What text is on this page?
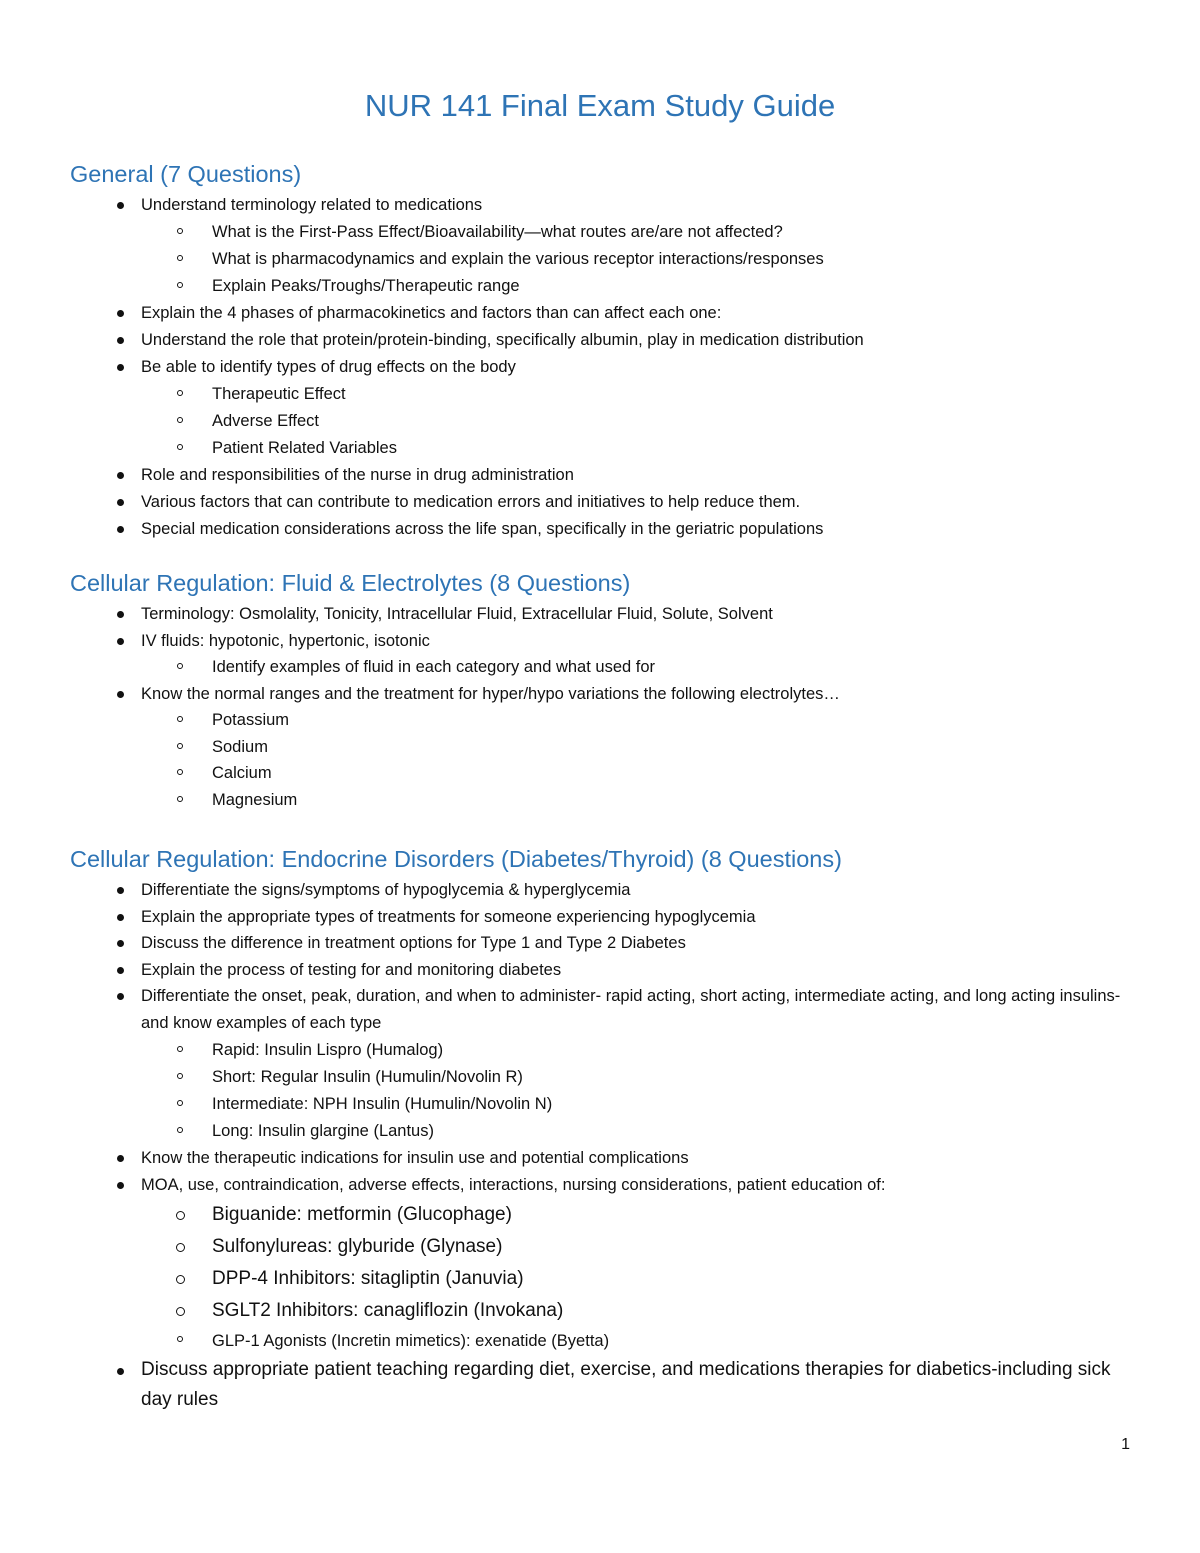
NUR 141 Final Exam Study Guide
General (7 Questions)
Understand terminology related to medications
What is the First-Pass Effect/Bioavailability—what routes are/are not affected?
What is pharmacodynamics and explain the various receptor interactions/responses
Explain Peaks/Troughs/Therapeutic range
Explain the 4 phases of pharmacokinetics and factors than can affect each one:
Understand the role that protein/protein-binding, specifically albumin, play in medication distribution
Be able to identify types of drug effects on the body
Therapeutic Effect
Adverse Effect
Patient Related Variables
Role and responsibilities of the nurse in drug administration
Various factors that can contribute to medication errors and initiatives to help reduce them.
Special medication considerations across the life span, specifically in the geriatric populations
Cellular Regulation: Fluid & Electrolytes (8 Questions)
Terminology: Osmolality, Tonicity, Intracellular Fluid, Extracellular Fluid, Solute, Solvent
IV fluids: hypotonic, hypertonic, isotonic
Identify examples of fluid in each category and what used for
Know the normal ranges and the treatment for hyper/hypo variations the following electrolytes…
Potassium
Sodium
Calcium
Magnesium
Cellular Regulation: Endocrine Disorders (Diabetes/Thyroid) (8 Questions)
Differentiate the signs/symptoms of hypoglycemia & hyperglycemia
Explain the appropriate types of treatments for someone experiencing hypoglycemia
Discuss the difference in treatment options for Type 1 and Type 2 Diabetes
Explain the process of testing for and monitoring diabetes
Differentiate the onset, peak, duration, and when to administer- rapid acting, short acting, intermediate acting, and long acting insulins-and know examples of each type
Rapid: Insulin Lispro (Humalog)
Short: Regular Insulin (Humulin/Novolin R)
Intermediate: NPH Insulin (Humulin/Novolin N)
Long: Insulin glargine (Lantus)
Know the therapeutic indications for insulin use and potential complications
MOA, use, contraindication, adverse effects, interactions, nursing considerations, patient education of:
Biguanide: metformin (Glucophage)
Sulfonylureas: glyburide (Glynase)
DPP-4 Inhibitors: sitagliptin (Januvia)
SGLT2 Inhibitors: canagliflozin (Invokana)
GLP-1 Agonists (Incretin mimetics): exenatide (Byetta)
Discuss appropriate patient teaching regarding diet, exercise, and medications therapies for diabetics-including sick day rules
1
